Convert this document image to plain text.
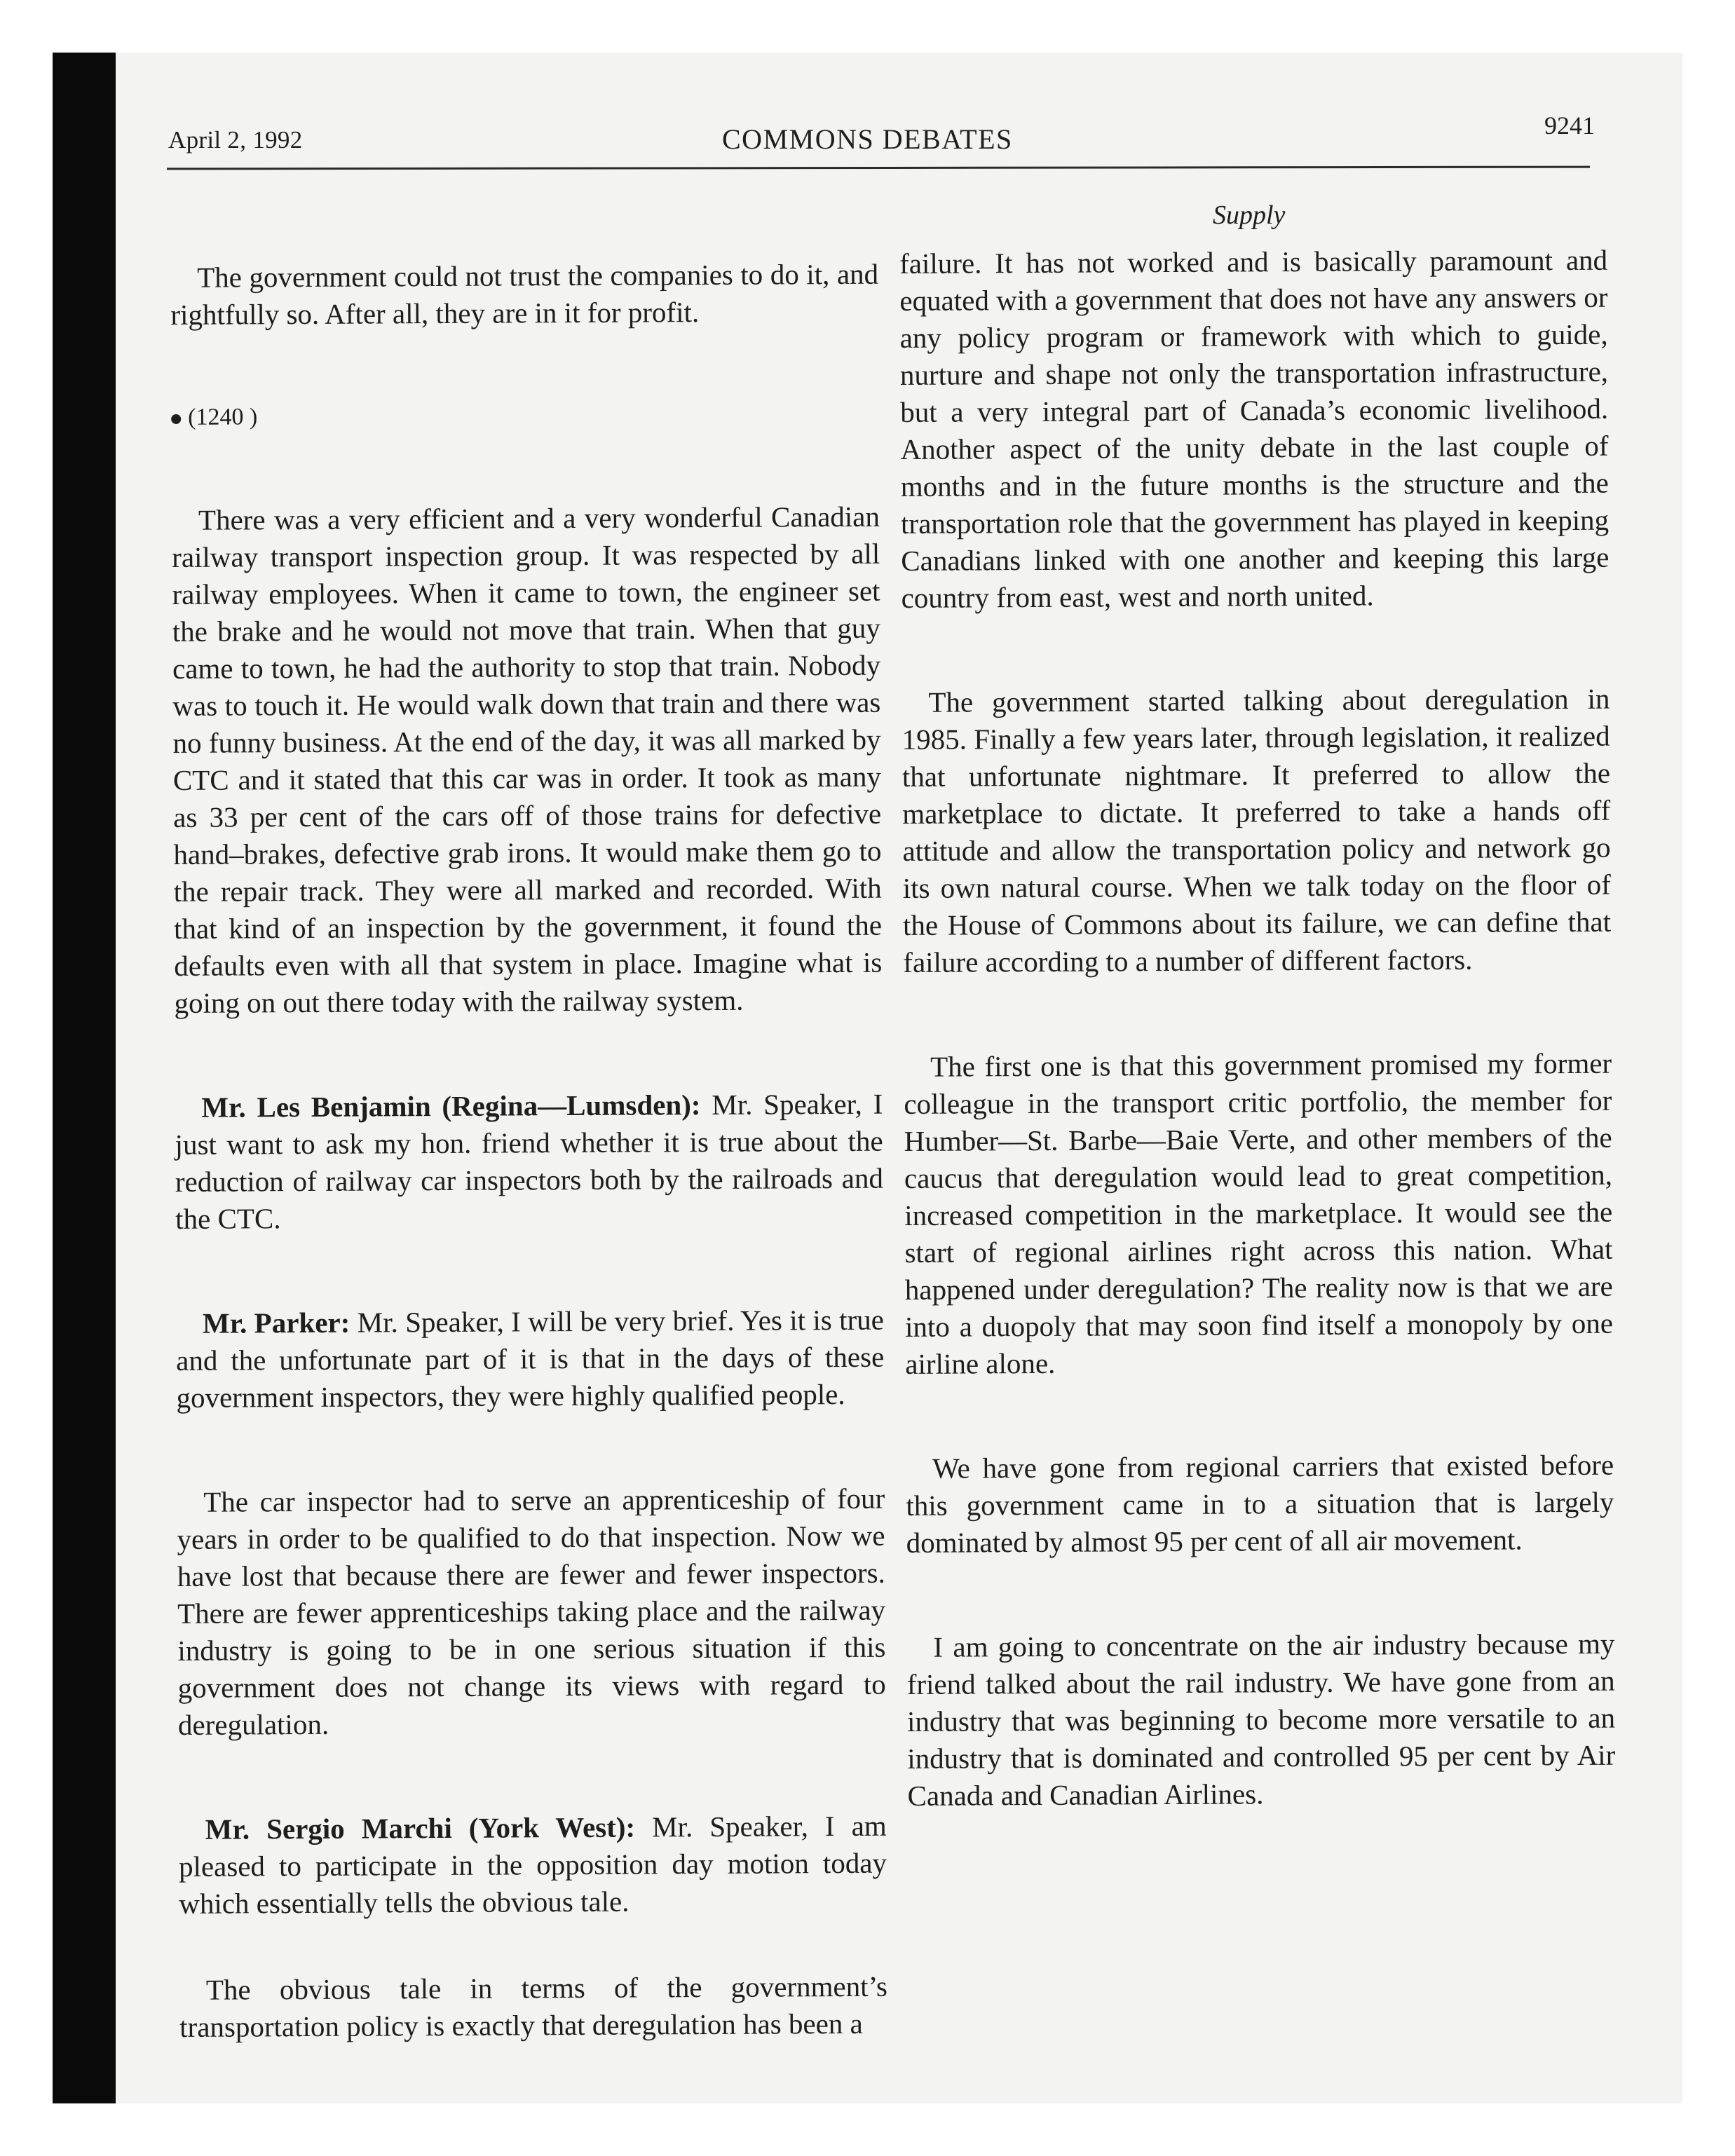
April 2, 1992	COMMONS DEBATES	9241
Supply

The government could not trust the companies to do it, and rightfully so. After all, they are in it for profit.

(1240 )

There was a very efficient and a very wonderful Canadian railway transport inspection group. It was respected by all railway employees. When it came to town, the engineer set the brake and he would not move that train. When that guy came to town, he had the authority to stop that train. Nobody was to touch it. He would walk down that train and there was no funny business. At the end of the day, it was all marked by CTC and it stated that this car was in order. It took as many as 33 per cent of the cars off of those trains for defective hand–brakes, defective grab irons. It would make them go to the repair track. They were all marked and recorded. With that kind of an inspection by the government, it found the defaults even with all that system in place. Imagine what is going on out there today with the railway system.

Mr. Les Benjamin (Regina—Lumsden): Mr. Speaker, I just want to ask my hon. friend whether it is true about the reduction of railway car inspectors both by the railroads and the CTC.

Mr. Parker: Mr. Speaker, I will be very brief. Yes it is true and the unfortunate part of it is that in the days of these government inspectors, they were highly qualified people.

The car inspector had to serve an apprenticeship of four years in order to be qualified to do that inspection. Now we have lost that because there are fewer and fewer inspectors. There are fewer apprenticeships taking place and the railway industry is going to be in one serious situation if this government does not change its views with regard to deregulation.

Mr. Sergio Marchi (York West): Mr. Speaker, I am pleased to participate in the opposition day motion today which essentially tells the obvious tale.

The obvious tale in terms of the government’s transportation policy is exactly that deregulation has been a

failure. It has not worked and is basically paramount and equated with a government that does not have any answers or any policy program or framework with which to guide, nurture and shape not only the transportation infrastructure, but a very integral part of Canada’s economic livelihood. Another aspect of the unity debate in the last couple of months and in the future months is the structure and the transportation role that the government has played in keeping Canadians linked with one another and keeping this large country from east, west and north united.

The government started talking about deregulation in 1985. Finally a few years later, through legislation, it realized that unfortunate nightmare. It preferred to allow the marketplace to dictate. It preferred to take a hands off attitude and allow the transportation policy and network go its own natural course. When we talk today on the floor of the House of Commons about its failure, we can define that failure according to a number of different factors.

The first one is that this government promised my former colleague in the transport critic portfolio, the member for Humber—St. Barbe—Baie Verte, and other members of the caucus that deregulation would lead to great competition, increased competition in the marketplace. It would see the start of regional airlines right across this nation. What happened under deregulation? The reality now is that we are into a duopoly that may soon find itself a monopoly by one airline alone.

We have gone from regional carriers that existed before this government came in to a situation that is largely dominated by almost 95 per cent of all air movement.

I am going to concentrate on the air industry because my friend talked about the rail industry. We have gone from an industry that was beginning to become more versatile to an industry that is dominated and controlled 95 per cent by Air Canada and Canadian Airlines.
